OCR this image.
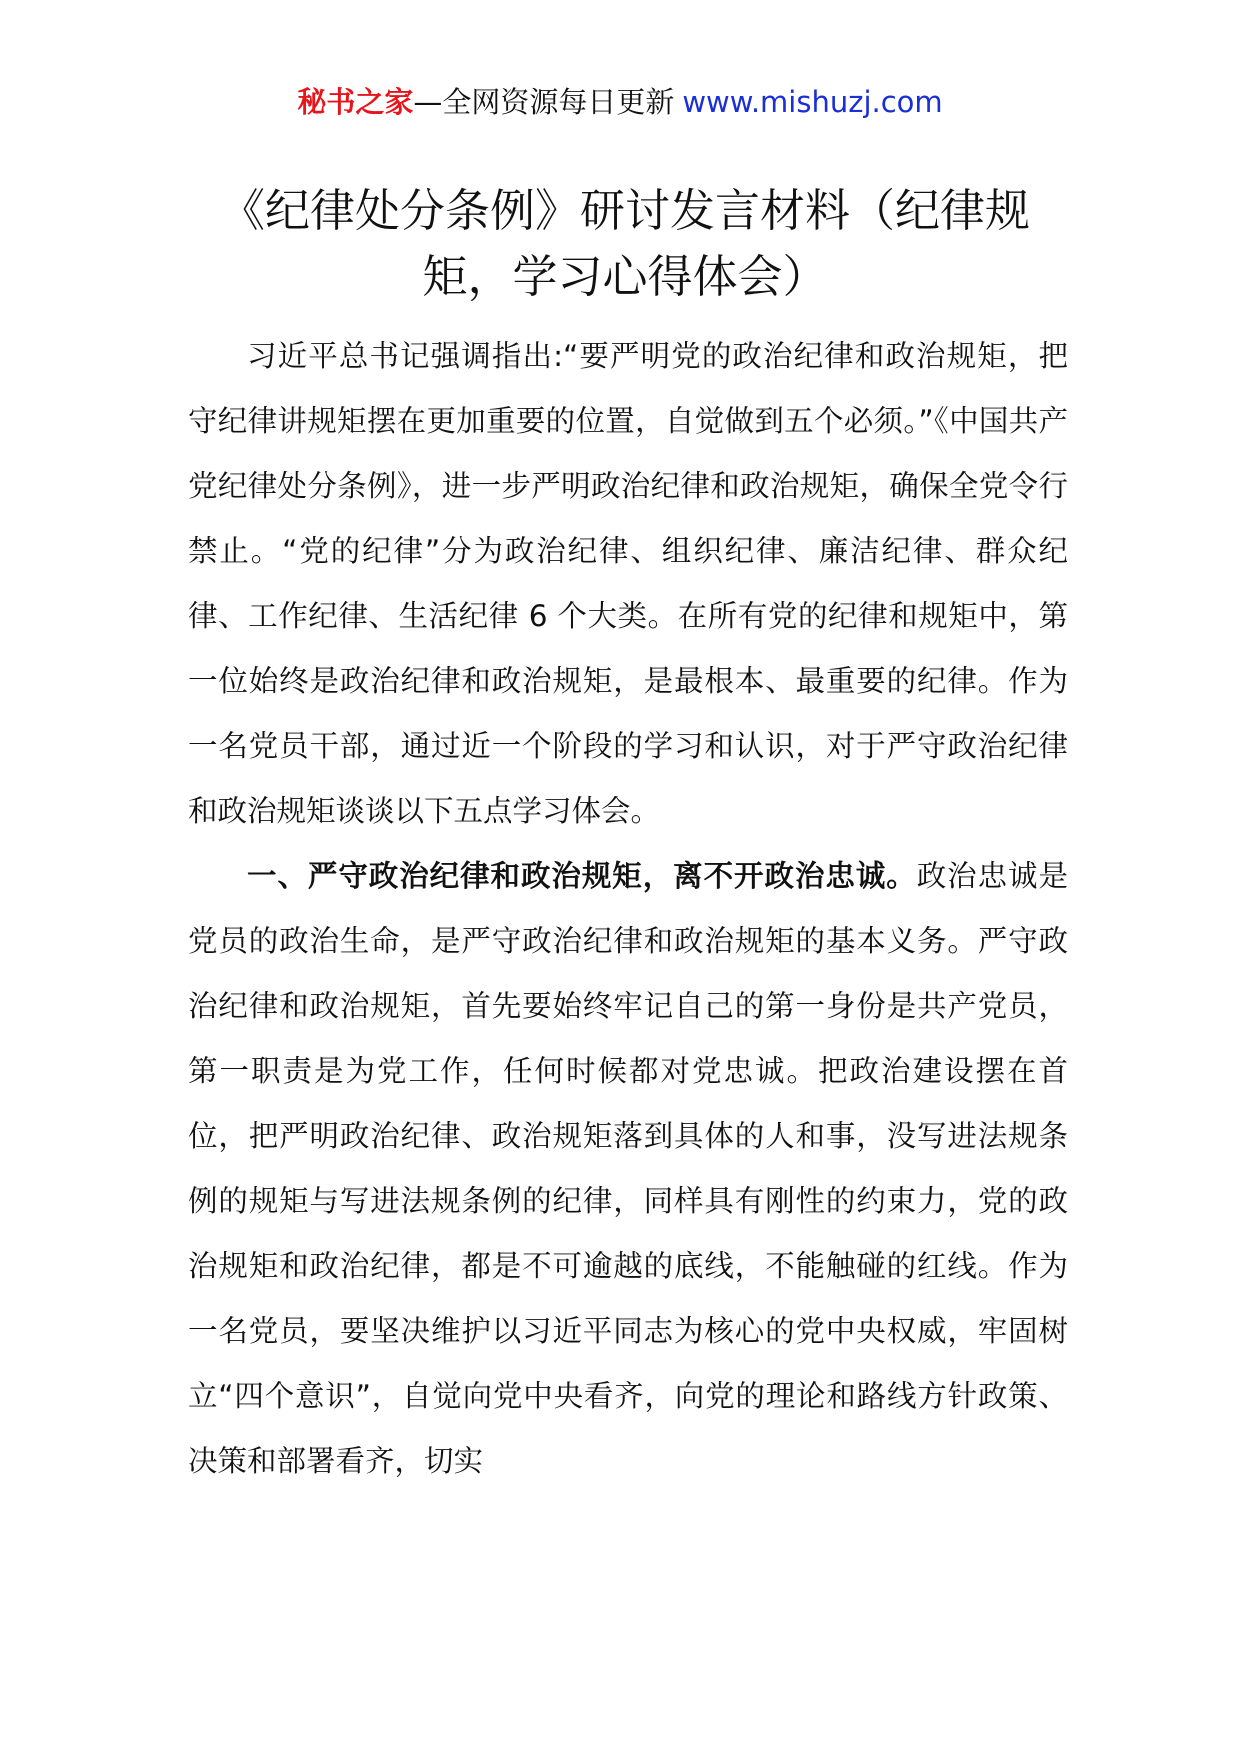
秘书之家—全网资源每日更新 www.mishuzj.com
《纪律处分条例》研讨发言材料（纪律规矩，学习心得体会）

习近平总书记强调指出:“要严明党的政治纪律和政治规矩，把守纪律讲规矩摆在更加重要的位置，自觉做到五个必须。”《中国共产党纪律处分条例》，进一步严明政治纪律和政治规矩，确保全党令行禁止。“党的纪律”分为政治纪律、组织纪律、廉洁纪律、群众纪律、工作纪律、生活纪律 6 个大类。在所有党的纪律和规矩中，第一位始终是政治纪律和政治规矩，是最根本、最重要的纪律。作为一名党员干部，通过近一个阶段的学习和认识，对于严守政治纪律和政治规矩谈谈以下五点学习体会。

一、严守政治纪律和政治规矩，离不开政治忠诚。政治忠诚是党员的政治生命，是严守政治纪律和政治规矩的基本义务。严守政治纪律和政治规矩，首先要始终牢记自己的第一身份是共产党员，第一职责是为党工作，任何时候都对党忠诚。把政治建设摆在首位，把严明政治纪律、政治规矩落到具体的人和事，没写进法规条例的规矩与写进法规条例的纪律，同样具有刚性的约束力，党的政治规矩和政治纪律，都是不可逾越的底线，不能触碰的红线。作为一名党员，要坚决维护以习近平同志为核心的党中央权威，牢固树立“四个意识”，自觉向党中央看齐，向党的理论和路线方针政策、决策和部署看齐，切实
